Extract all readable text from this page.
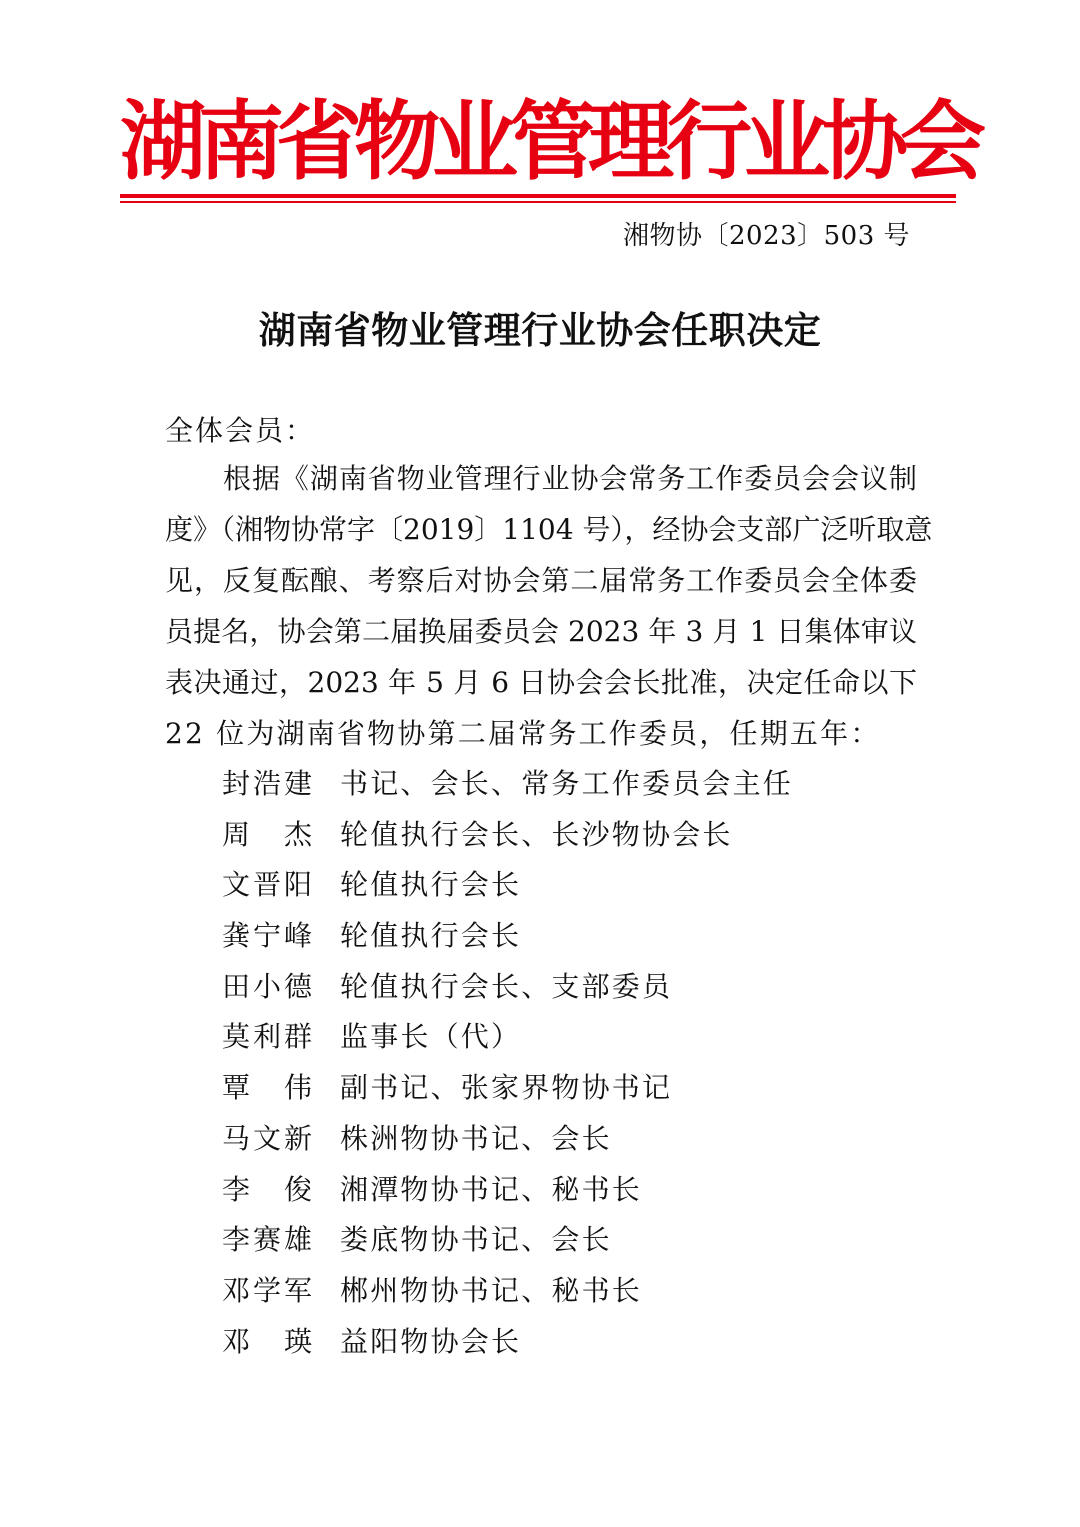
湖南省物业管理行业协会
湘物协〔2023〕503 号
湖南省物业管理行业协会任职决定
全体会员：
根据《湖南省物业管理行业协会常务工作委员会会议制
度》（湘物协常字〔2019〕1104 号），经协会支部广泛听取意
见，反复酝酿、考察后对协会第二届常务工作委员会全体委
员提名，协会第二届换届委员会 2023 年 3 月 1 日集体审议
表决通过，2023 年 5 月 6 日协会会长批准，决定任命以下
22 位为湖南省物协第二届常务工作委员，任期五年：
封浩建 书记、会长、常务工作委员会主任
周杰 轮值执行会长、长沙物协会长
文晋阳 轮值执行会长
龚宁峰 轮值执行会长
田小德 轮值执行会长、支部委员
莫利群 监事长（代）
覃伟 副书记、张家界物协书记
马文新 株洲物协书记、会长
李俊 湘潭物协书记、秘书长
李赛雄 娄底物协书记、会长
邓学军 郴州物协书记、秘书长
邓瑛 益阳物协会长
